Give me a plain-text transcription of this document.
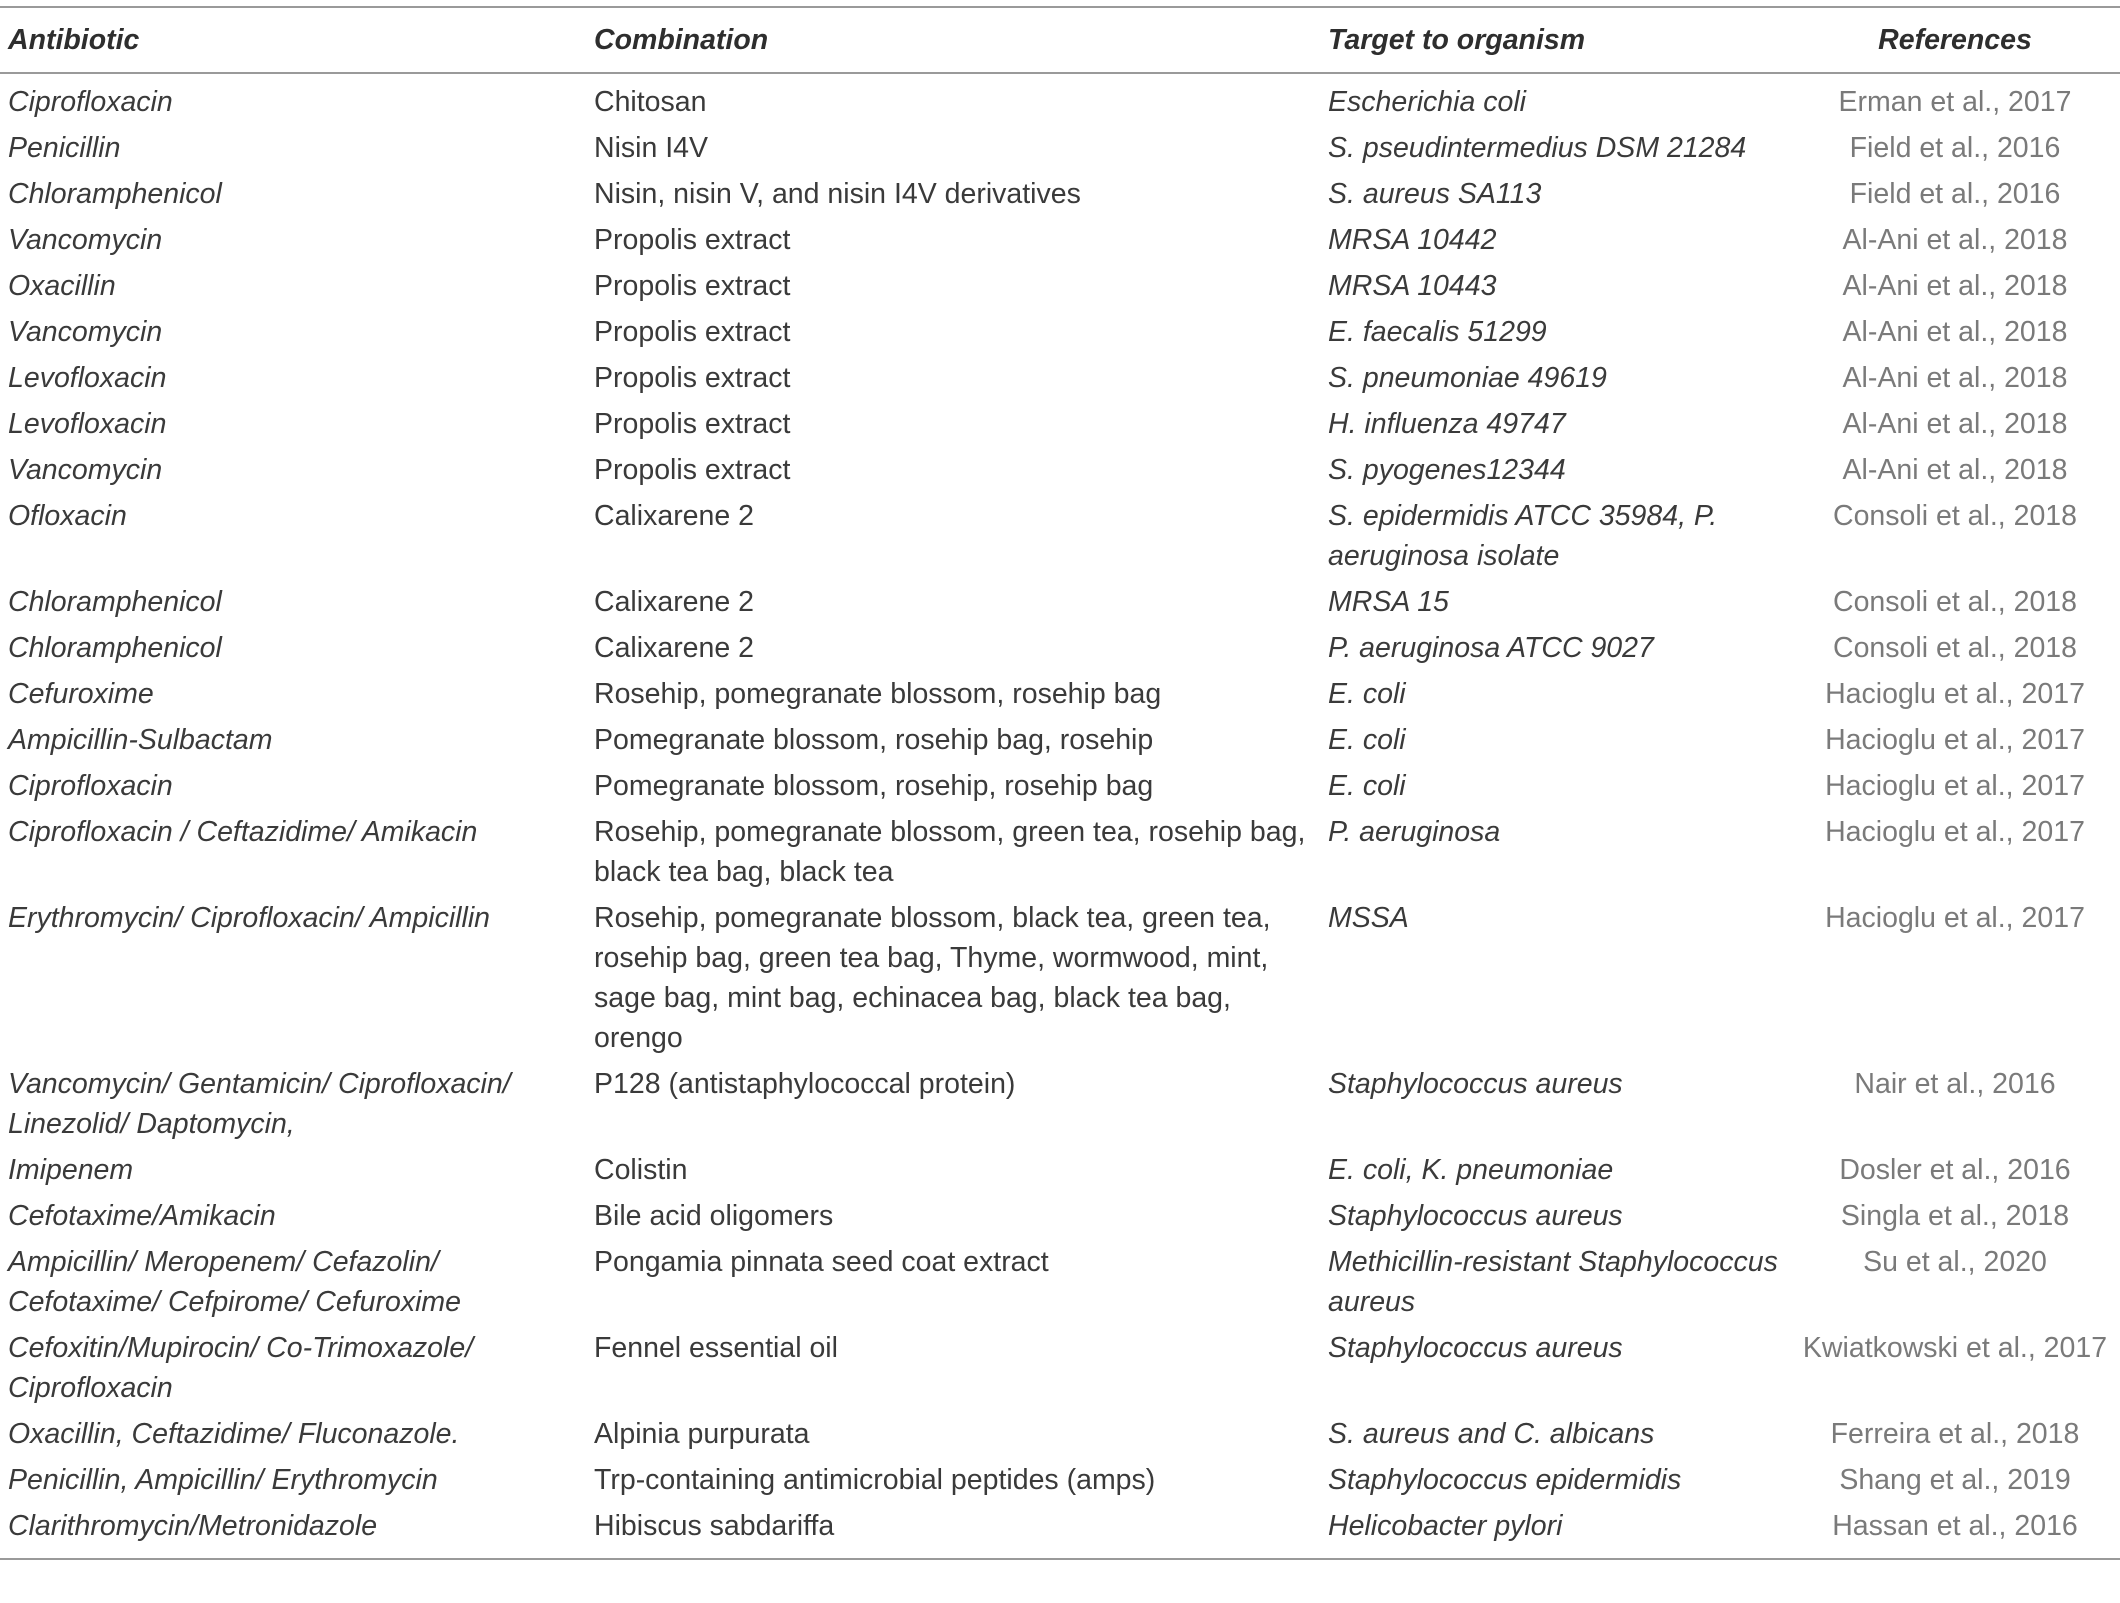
Antibiotic	Combination	Target to organism	References
Ciprofloxacin	Chitosan	Escherichia coli	Erman et al., 2017
Penicillin	Nisin I4V	S. pseudintermedius DSM 21284	Field et al., 2016
Chloramphenicol	Nisin, nisin V, and nisin I4V derivatives	S. aureus SA113	Field et al., 2016
Vancomycin	Propolis extract	MRSA 10442	Al-Ani et al., 2018
Oxacillin	Propolis extract	MRSA 10443	Al-Ani et al., 2018
Vancomycin	Propolis extract	E. faecalis 51299	Al-Ani et al., 2018
Levofloxacin	Propolis extract	S. pneumoniae 49619	Al-Ani et al., 2018
Levofloxacin	Propolis extract	H. influenza 49747	Al-Ani et al., 2018
Vancomycin	Propolis extract	S. pyogenes12344	Al-Ani et al., 2018
Ofloxacin	Calixarene 2	S. epidermidis ATCC 35984, P. aeruginosa isolate	Consoli et al., 2018
Chloramphenicol	Calixarene 2	MRSA 15	Consoli et al., 2018
Chloramphenicol	Calixarene 2	P. aeruginosa ATCC 9027	Consoli et al., 2018
Cefuroxime	Rosehip, pomegranate blossom, rosehip bag	E. coli	Hacioglu et al., 2017
Ampicillin-Sulbactam	Pomegranate blossom, rosehip bag, rosehip	E. coli	Hacioglu et al., 2017
Ciprofloxacin	Pomegranate blossom, rosehip, rosehip bag	E. coli	Hacioglu et al., 2017
Ciprofloxacin / Ceftazidime/ Amikacin	Rosehip, pomegranate blossom, green tea, rosehip bag, black tea bag, black tea	P. aeruginosa	Hacioglu et al., 2017
Erythromycin/ Ciprofloxacin/ Ampicillin	Rosehip, pomegranate blossom, black tea, green tea, rosehip bag, green tea bag, Thyme, wormwood, mint, sage bag, mint bag, echinacea bag, black tea bag, orengo	MSSA	Hacioglu et al., 2017
Vancomycin/ Gentamicin/ Ciprofloxacin/ Linezolid/ Daptomycin,	P128 (antistaphylococcal protein)	Staphylococcus aureus	Nair et al., 2016
Imipenem	Colistin	E. coli, K. pneumoniae	Dosler et al., 2016
Cefotaxime/Amikacin	Bile acid oligomers	Staphylococcus aureus	Singla et al., 2018
Ampicillin/ Meropenem/ Cefazolin/ Cefotaxime/ Cefpirome/ Cefuroxime	Pongamia pinnata seed coat extract	Methicillin-resistant Staphylococcus aureus	Su et al., 2020
Cefoxitin/Mupirocin/ Co-Trimoxazole/ Ciprofloxacin	Fennel essential oil	Staphylococcus aureus	Kwiatkowski et al., 2017
Oxacillin, Ceftazidime/ Fluconazole.	Alpinia purpurata	S. aureus and C. albicans	Ferreira et al., 2018
Penicillin, Ampicillin/ Erythromycin	Trp-containing antimicrobial peptides (amps)	Staphylococcus epidermidis	Shang et al., 2019
Clarithromycin/Metronidazole	Hibiscus sabdariffa	Helicobacter pylori	Hassan et al., 2016
